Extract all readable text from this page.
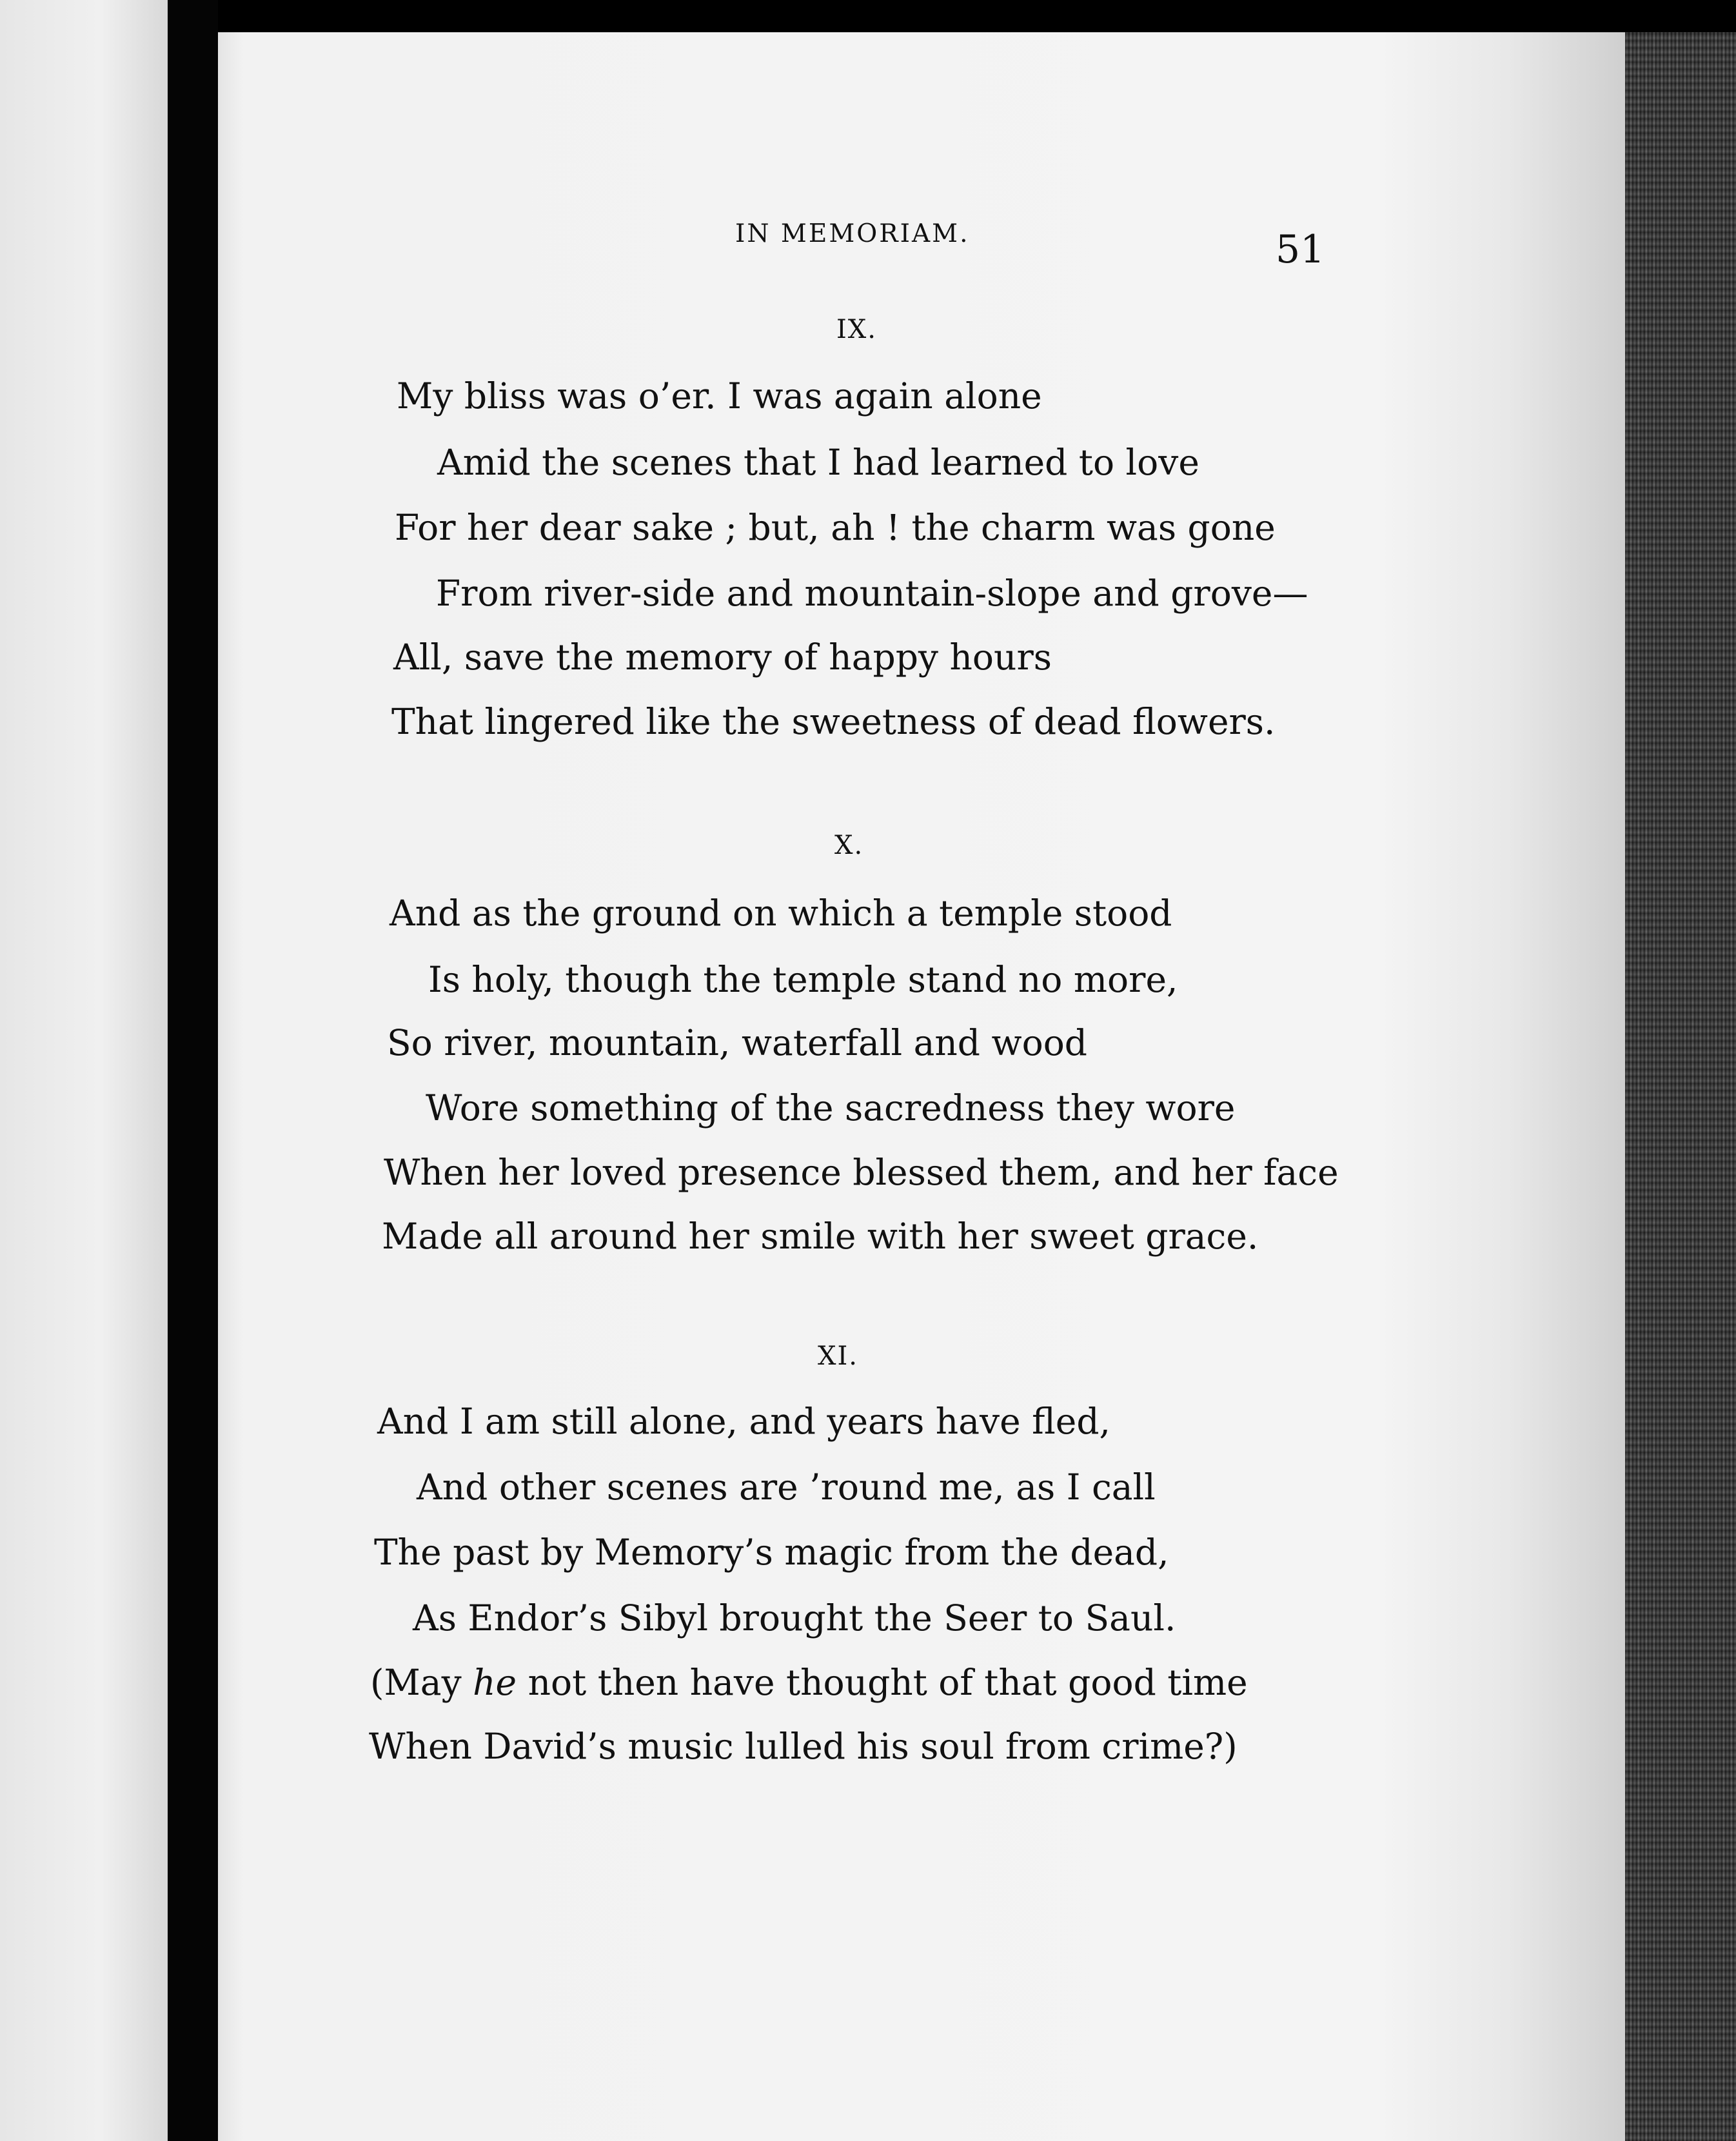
IN MEMORIAM.	51
IX.
My bliss was o’er. I was again alone
Amid the scenes that I had learned to love
For her dear sake ; but, ah ! the charm was gone
From river-side and mountain-slope and grove—
All, save the memory of happy hours
That lingered like the sweetness of dead flowers.
X.
And as the ground on which a temple stood
Is holy, though the temple stand no more,
So river, mountain, waterfall and wood
Wore something of the sacredness they wore
When her loved presence blessed them, and her face
Made all around her smile with her sweet grace.
XI.
And I am still alone, and years have fled,
And other scenes are ’round me, as I call
The past by Memory’s magic from the dead,
As Endor’s Sibyl brought the Seer to Saul.
(May he not then have thought of that good time
When David’s music lulled his soul from crime?)
